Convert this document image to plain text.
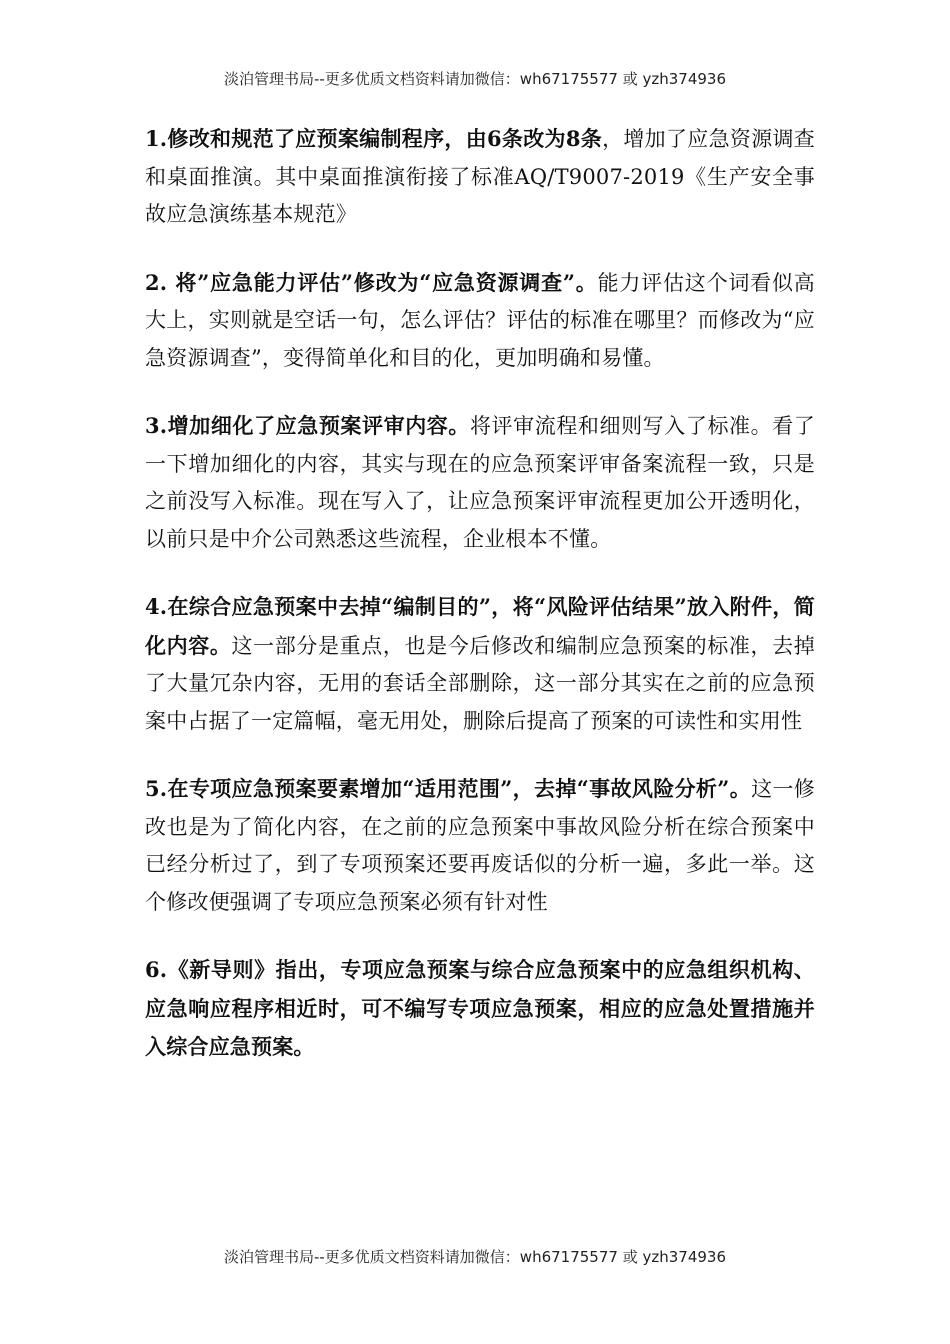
淡泊管理书局--更多优质文档资料请加微信：wh67175577 或 yzh374936

1.修改和规范了应预案编制程序，由6条改为8条，增加了应急资源调查和桌面推演。其中桌面推演衔接了标准AQ/T9007-2019《生产安全事故应急演练基本规范》

2. 将”应急能力评估”修改为“应急资源调查”。能力评估这个词看似高大上，实则就是空话一句，怎么评估？评估的标准在哪里？而修改为“应急资源调查”，变得简单化和目的化，更加明确和易懂。

3.增加细化了应急预案评审内容。将评审流程和细则写入了标准。看了一下增加细化的内容，其实与现在的应急预案评审备案流程一致，只是之前没写入标准。现在写入了，让应急预案评审流程更加公开透明化，以前只是中介公司熟悉这些流程，企业根本不懂。

4.在综合应急预案中去掉“编制目的”，将“风险评估结果”放入附件，简化内容。这一部分是重点，也是今后修改和编制应急预案的标准，去掉了大量冗杂内容，无用的套话全部删除，这一部分其实在之前的应急预案中占据了一定篇幅，毫无用处，删除后提高了预案的可读性和实用性

5.在专项应急预案要素增加“适用范围”，去掉“事故风险分析”。这一修改也是为了简化内容，在之前的应急预案中事故风险分析在综合预案中已经分析过了，到了专项预案还要再废话似的分析一遍，多此一举。这个修改便强调了专项应急预案必须有针对性

6.《新导则》指出，专项应急预案与综合应急预案中的应急组织机构、应急响应程序相近时，可不编写专项应急预案，相应的应急处置措施并入综合应急预案。

淡泊管理书局--更多优质文档资料请加微信：wh67175577 或 yzh374936
